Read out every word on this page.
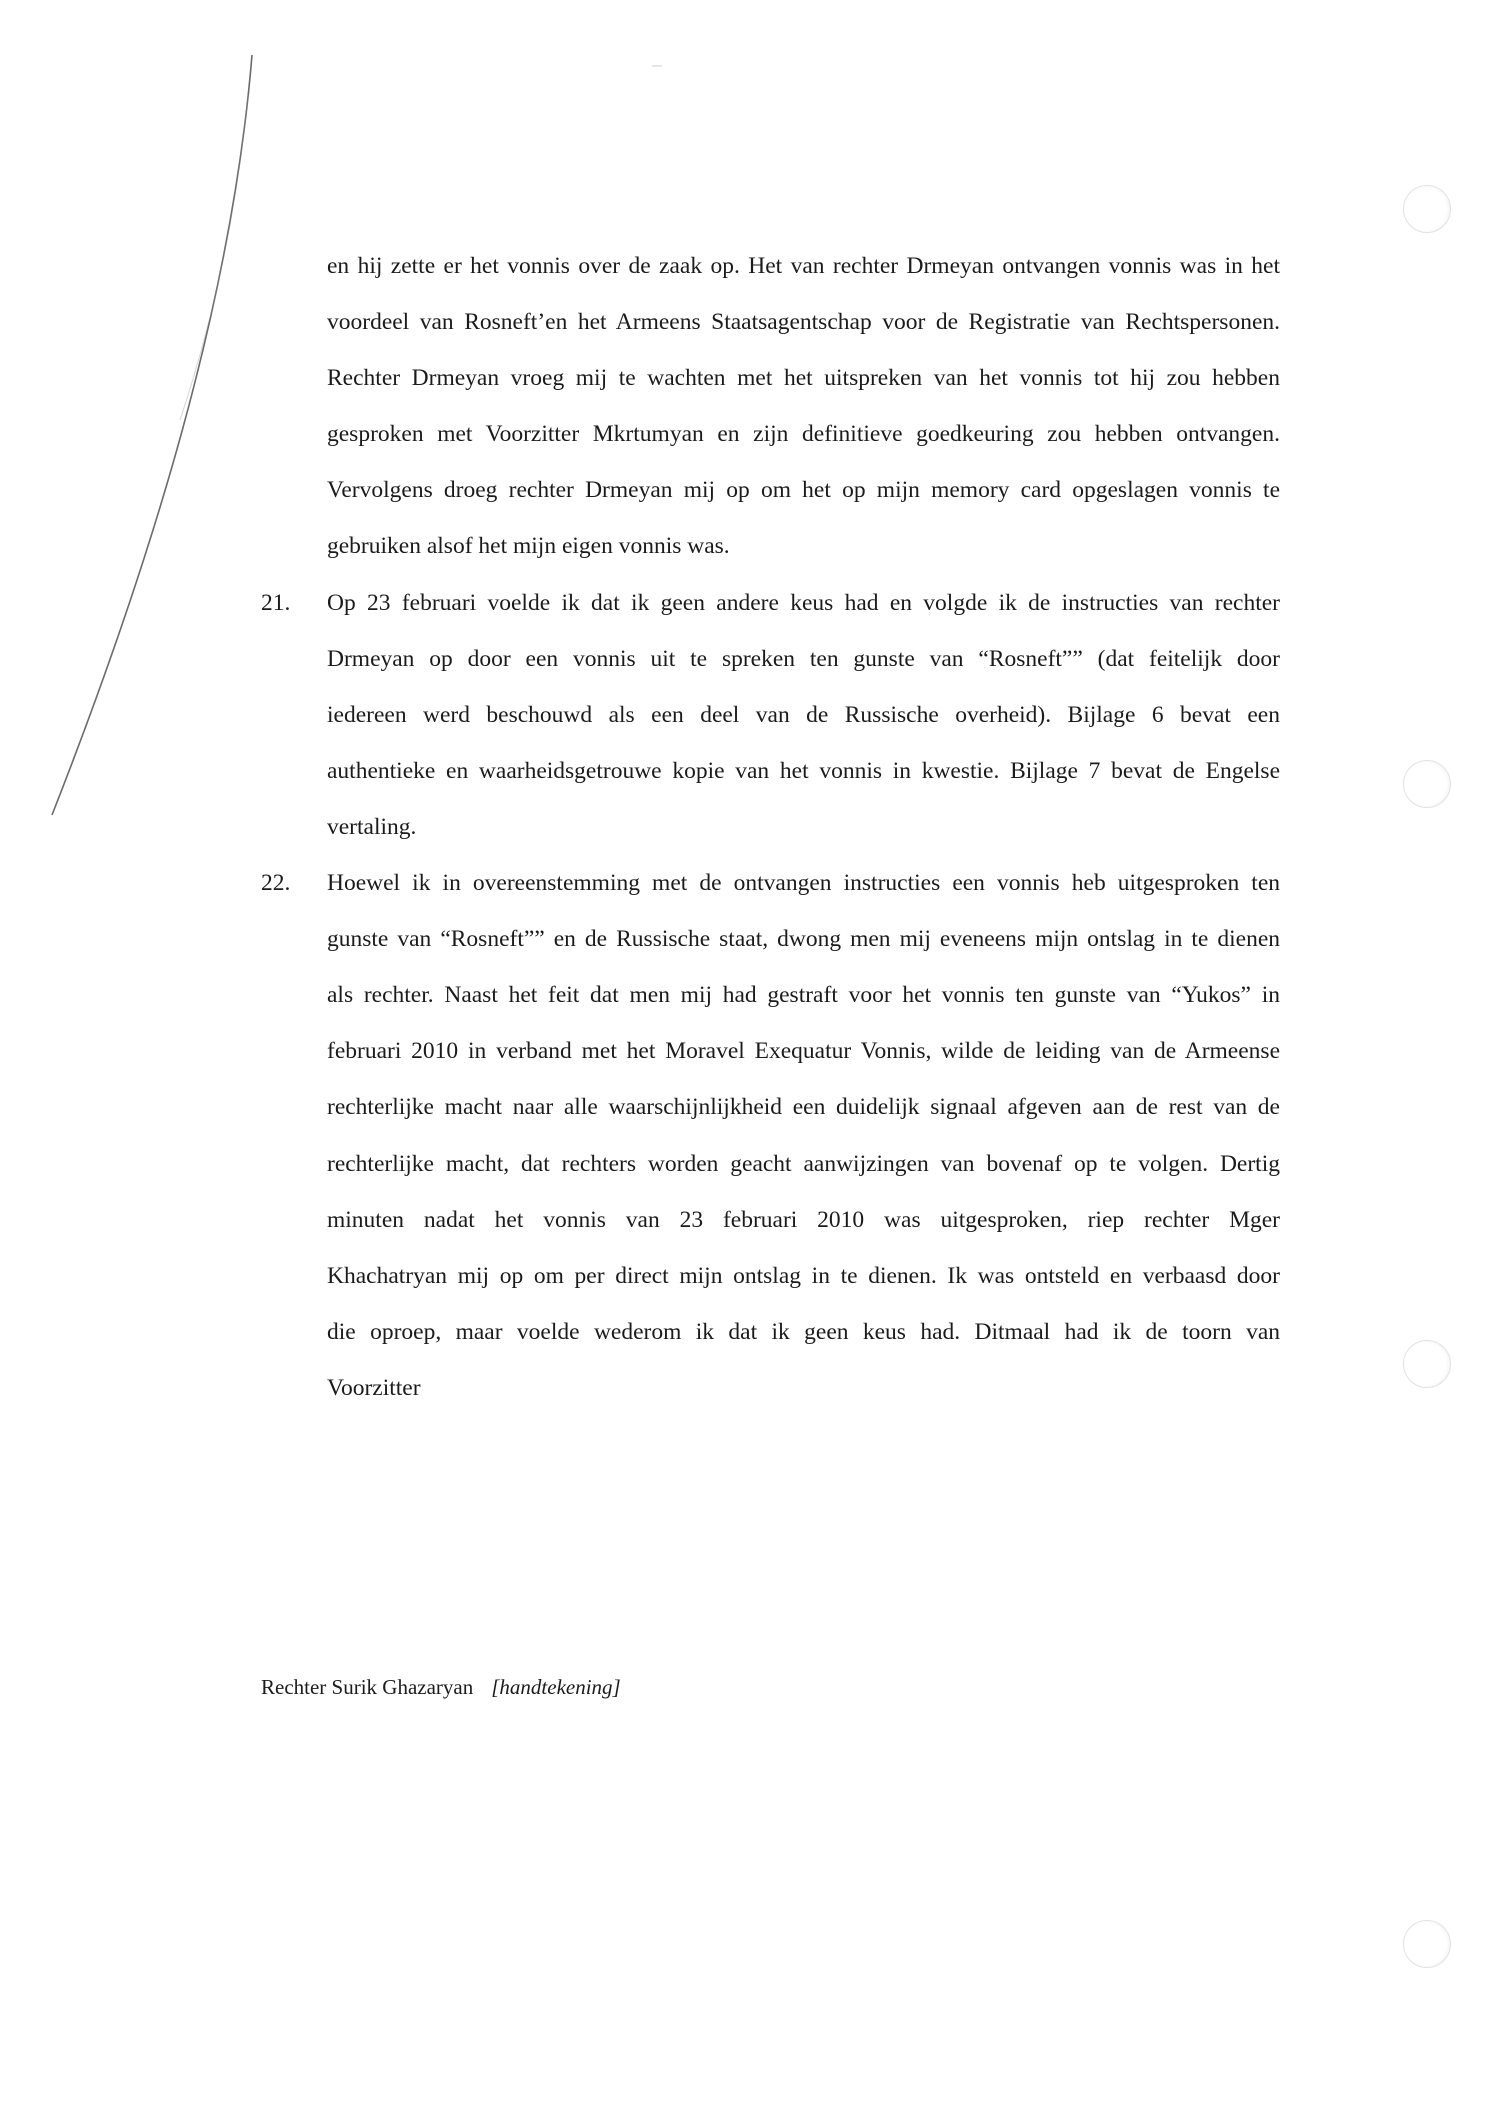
en hij zette er het vonnis over de zaak op. Het van rechter Drmeyan ontvangen vonnis was in het
voordeel van Rosneft’en het Armeens Staatsagentschap voor de Registratie van Rechtspersonen.
Rechter Drmeyan vroeg mij te wachten met het uitspreken van het vonnis tot hij zou hebben
gesproken met Voorzitter Mkrtumyan en zijn definitieve goedkeuring zou hebben ontvangen.
Vervolgens droeg rechter Drmeyan mij op om het op mijn memory card opgeslagen vonnis te
gebruiken alsof het mijn eigen vonnis was.
21. Op 23 februari voelde ik dat ik geen andere keus had en volgde ik de instructies van rechter
Drmeyan op door een vonnis uit te spreken ten gunste van “Rosneft”” (dat feitelijk door
iedereen werd beschouwd als een deel van de Russische overheid). Bijlage 6 bevat een
authentieke en waarheidsgetrouwe kopie van het vonnis in kwestie. Bijlage 7 bevat de Engelse
vertaling.
22. Hoewel ik in overeenstemming met de ontvangen instructies een vonnis heb uitgesproken ten
gunste van “Rosneft”” en de Russische staat, dwong men mij eveneens mijn ontslag in te dienen
als rechter. Naast het feit dat men mij had gestraft voor het vonnis ten gunste van “Yukos” in
februari 2010 in verband met het Moravel Exequatur Vonnis, wilde de leiding van de Armeense
rechterlijke macht naar alle waarschijnlijkheid een duidelijk signaal afgeven aan de rest van de
rechterlijke macht, dat rechters worden geacht aanwijzingen van bovenaf op te volgen. Dertig
minuten nadat het vonnis van 23 februari 2010 was uitgesproken, riep rechter Mger
Khachatryan mij op om per direct mijn ontslag in te dienen. Ik was ontsteld en verbaasd door
die oproep, maar voelde wederom ik dat ik geen keus had. Ditmaal had ik de toorn van
Voorzitter
Rechter Surik Ghazaryan [handtekening]
